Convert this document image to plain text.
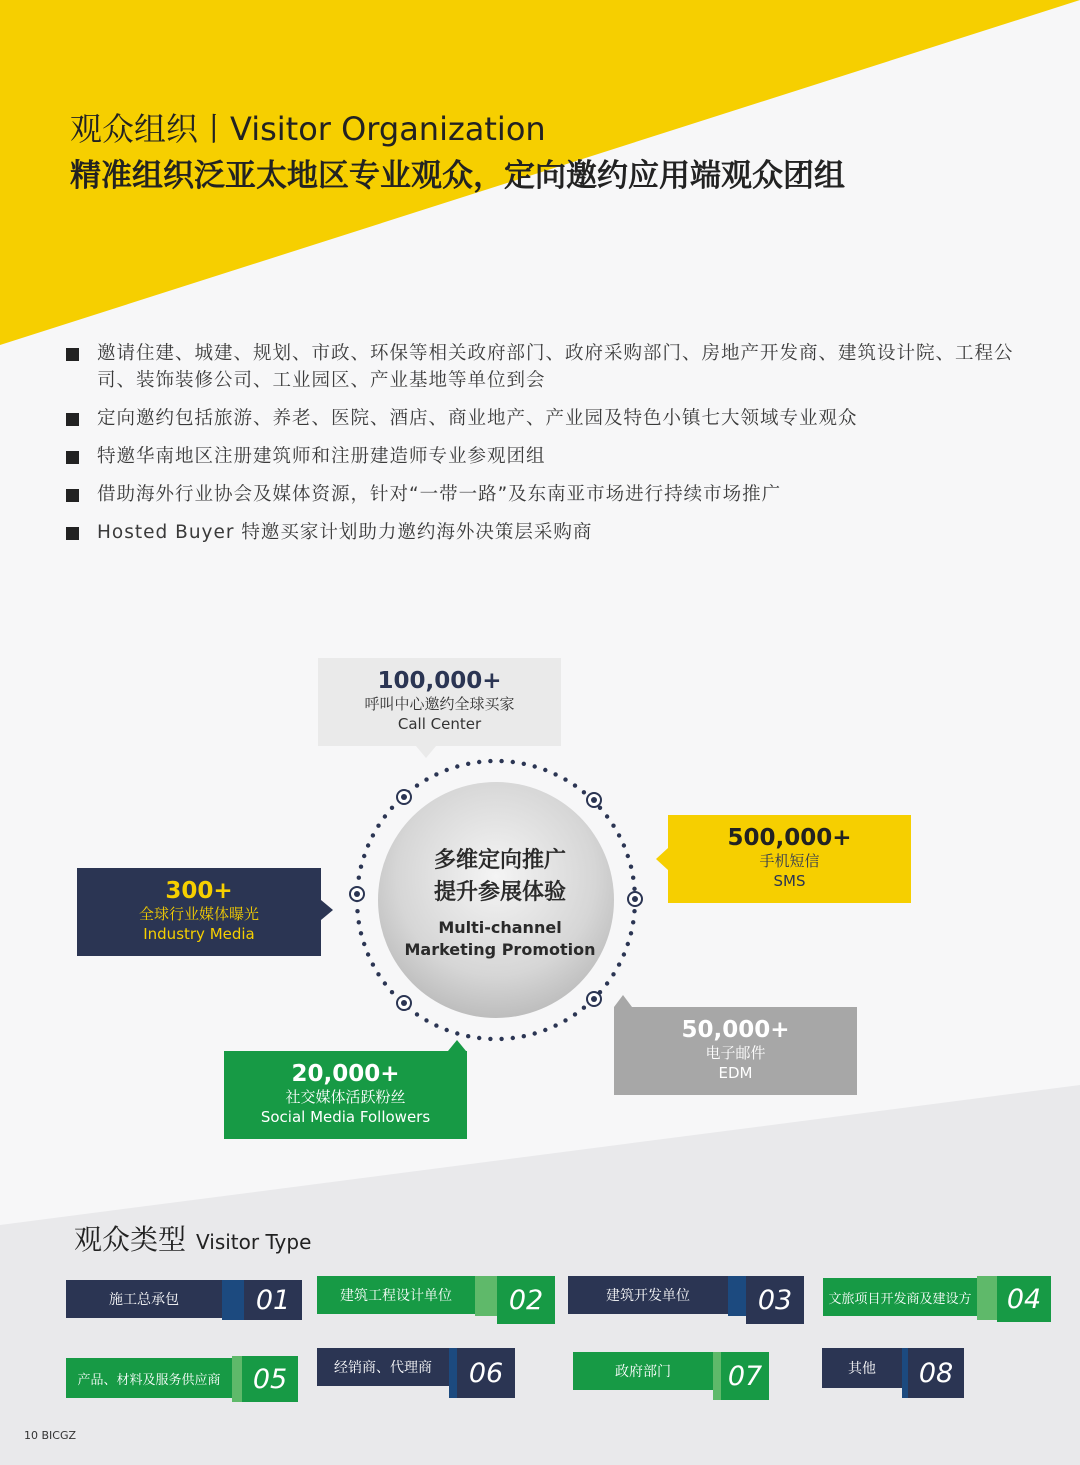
观众组织丨Visitor Organization
精准组织泛亚太地区专业观众，定向邀约应用端观众团组
邀请住建、城建、规划、市政、环保等相关政府部门、政府采购部门、房地产开发商、建筑设计院、工程公司、装饰装修公司、工业园区、产业基地等单位到会
定向邀约包括旅游、养老、医院、酒店、商业地产、产业园及特色小镇七大领域专业观众
特邀华南地区注册建筑师和注册建造师专业参观团组
借助海外行业协会及媒体资源，针对“一带一路”及东南亚市场进行持续市场推广
Hosted Buyer 特邀买家计划助力邀约海外决策层采购商
100,000+
呼叫中心邀约全球买家
Call Center
500,000+
手机短信
SMS
300+
全球行业媒体曝光
Industry Media
50,000+
电子邮件
EDM
20,000+
社交媒体活跃粉丝
Social Media Followers
多维定向推广
提升参展体验
Multi-channel
Marketing Promotion
观众类型 Visitor Type
施工总承包	01	建筑工程设计单位	02	建筑开发单位	03	文旅项目开发商及建设方	04
产品、材料及服务供应商	05	经销商、代理商	06	政府部门	07	其他	08
10 BICGZ
